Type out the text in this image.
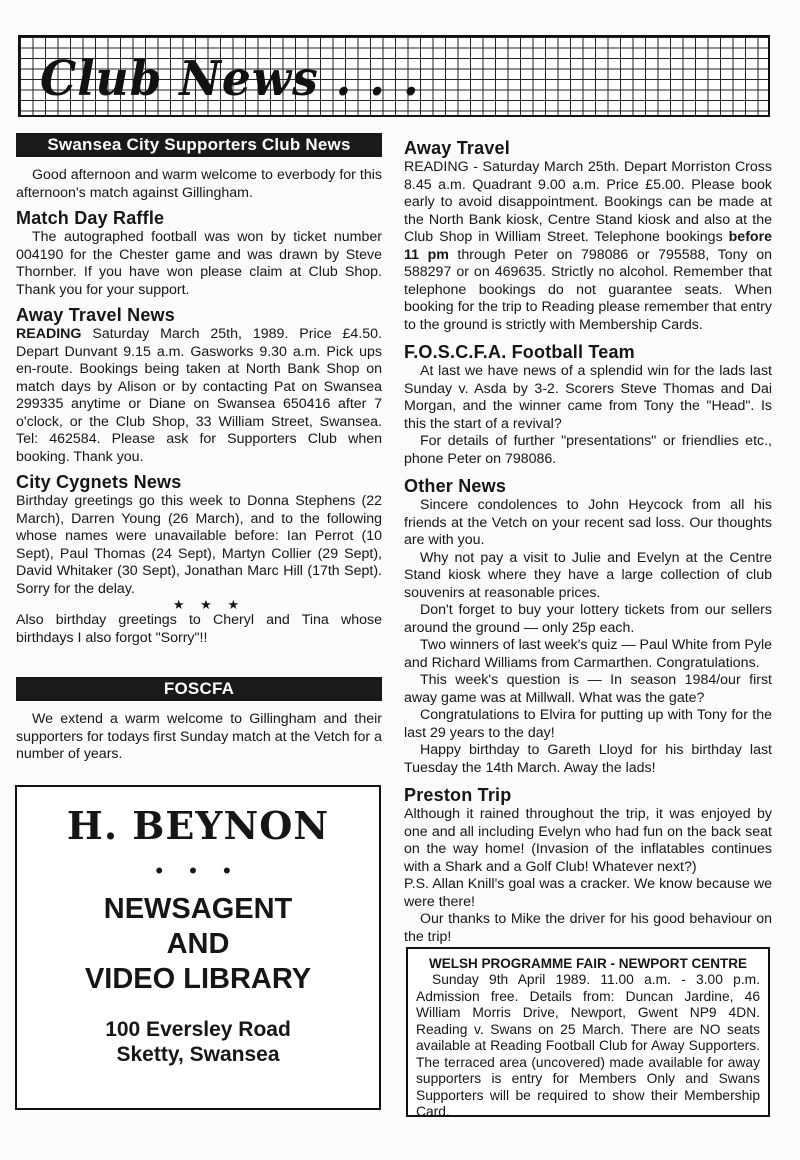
Club News . . .
Swansea City Supporters Club News

Good afternoon and warm welcome to everbody for this afternoon's match against Gillingham.

Match Day Raffle

The autographed football was won by ticket number 004190 for the Chester game and was drawn by Steve Thornber. If you have won please claim at Club Shop. Thank you for your support.

Away Travel News

READING Saturday March 25th, 1989. Price £4.50. Depart Dunvant 9.15 a.m. Gasworks 9.30 a.m. Pick ups en-route. Bookings being taken at North Bank Shop on match days by Alison or by contacting Pat on Swansea 299335 anytime or Diane on Swansea 650416 after 7 o'clock, or the Club Shop, 33 William Street, Swansea. Tel: 462584. Please ask for Supporters Club when booking. Thank you.

City Cygnets News

Birthday greetings go this week to Donna Stephens (22 March), Darren Young (26 March), and to the following whose names were unavailable before: Ian Perrot (10 Sept), Paul Thomas (24 Sept), Martyn Collier (29 Sept), David Whitaker (30 Sept), Jonathan Marc Hill (17th Sept). Sorry for the delay.

★ ★ ★

Also birthday greetings to Cheryl and Tina whose birthdays I also forgot "Sorry"!!

FOSCFA

We extend a warm welcome to Gillingham and their supporters for todays first Sunday match at the Vetch for a number of years.

H. BEYNON
• • •
NEWSAGENT
AND
VIDEO LIBRARY
100 Eversley Road
Sketty, Swansea
Away Travel

READING - Saturday March 25th. Depart Morriston Cross 8.45 a.m. Quadrant 9.00 a.m. Price £5.00. Please book early to avoid disappointment. Bookings can be made at the North Bank kiosk, Centre Stand kiosk and also at the Club Shop in William Street. Telephone bookings before 11 pm through Peter on 798086 or 795588, Tony on 588297 or on 469635. Strictly no alcohol. Remember that telephone bookings do not guarantee seats. When booking for the trip to Reading please remember that entry to the ground is strictly with Membership Cards.

F.O.S.C.F.A. Football Team

At last we have news of a splendid win for the lads last Sunday v. Asda by 3-2. Scorers Steve Thomas and Dai Morgan, and the winner came from Tony the "Head". Is this the start of a revival?

For details of further "presentations" or friendlies etc., phone Peter on 798086.

Other News

Sincere condolences to John Heycock from all his friends at the Vetch on your recent sad loss. Our thoughts are with you.

Why not pay a visit to Julie and Evelyn at the Centre Stand kiosk where they have a large collection of club souvenirs at reasonable prices.

Don't forget to buy your lottery tickets from our sellers around the ground — only 25p each.

Two winners of last week's quiz — Paul White from Pyle and Richard Williams from Carmarthen. Congratulations.

This week's question is — In season 1984/our first away game was at Millwall. What was the gate?

Congratulations to Elvira for putting up with Tony for the last 29 years to the day!

Happy birthday to Gareth Lloyd for his birthday last Tuesday the 14th March. Away the lads!

Preston Trip

Although it rained throughout the trip, it was enjoyed by one and all including Evelyn who had fun on the back seat on the way home! (Invasion of the inflatables continues with a Shark and a Golf Club! Whatever next?)

P.S. Allan Knill's goal was a cracker. We know because we were there!

Our thanks to Mike the driver for his good behaviour on the trip!

WELSH PROGRAMME FAIR - NEWPORT CENTRE

Sunday 9th April 1989. 11.00 a.m. - 3.00 p.m. Admission free. Details from: Duncan Jardine, 46 William Morris Drive, Newport, Gwent NP9 4DN. Reading v. Swans on 25 March. There are NO seats available at Reading Football Club for Away Supporters. The terraced area (uncovered) made available for away supporters is entry for Members Only and Swans Supporters will be required to show their Membership Card.
